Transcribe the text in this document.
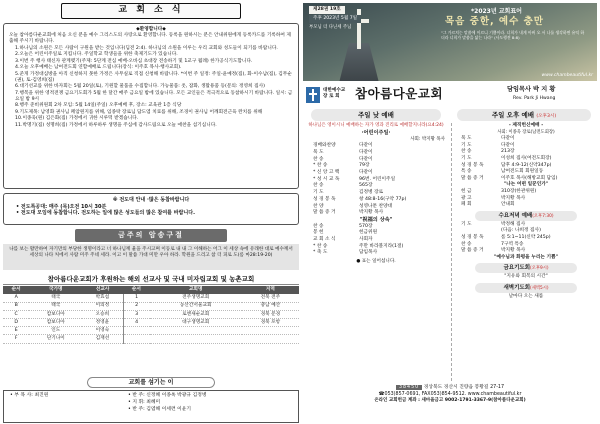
교 회 소 식
◆환영합니다◆
오늘 참아름다운교회에 처음 오신 분을 예수 그리스도의 사랑으로 환영합니다. 등록을 원하시는 분은 안내위원에게 등록카드를 기록하여 제출해 주시기 바랍니다.
1.하나님의 소원은 모든 사람이 구원을 받는 것입니다(딤전 2:4). 하나님의 소원을 이루는 우리 교회와 성도들이 되기를 바랍니다.
2.오늘은 어린이주일로 지킵니다. 주일학교 학생들을 위한 축제기도가 있습니다.
3.이번 주 행사 태신자 관계맺기(주제: 5단계 전심 예배-오바심 초대장 전송하기 및 1교구 월례) 한가공식기도합니다.
4.오늘 오후예배는 남여전도회 연합예배로 드립니다(장식: 이주호 목사·행사교회).
5.준게 가정대심방을 아직 신청하지 못한 가정은 사무실로 직접 신청해 바랍니다. *이번 주 일정: 주일-윤예정(집), 화-이수남(집), 김무순(권), 토-김영희(집)
6.대기선교를 위한 바자회는 5월 20일(토), 기원할 물품을 수집합니다. 가능물품: 옷, 잡화, 생활용품 등(문의: 정영희 집사)
7.행복을 위한 영적전쟁 금요기도회가 5월 한 달간 매주 금요일 밤에 있습니다. 모든 교인들은 적극적으로 동참하시기 바랍니다. 일시: 금요일 밤 9시
8.행주 준비위원회 2차 모임: 5월 14일(주일) 오후예배 후, 장소: 교육관 1층 식당
9.기도제목: 남영화 권사님 페암원지를 위해, 임종락 장로님 담도염 치료를 위해, 조경이 권사님 어깨회전근육 완치를 위해
10.이종욱(원) 김은화(집) 가정에서 귀한 시루떡 받겠습니다.
11.박명기(집) 성명희(집) 가정에서 하루하루 생명을 주심에 감사드림으로 오늘 애찬을 섬기십니다.
※ 전도대 안내 ·많은 동참바랍니다
• 전도특공대: 매주 (목)오전 10시 30분
• 전도대 모임에 동참합니다. 전도하는 일에 많은 성도들의 많은 참여를 바랍니다.
금주의 암송구절
나를 보는 활만하여 자기만의 부당한 생명이라고 너 하나님께 율을 주시고며 이등로 내 내 그 이해하는 어그 이 세상 속에 유래한 대로 예수께서 세상의 나타 처에서 사람 미주 주네 세라. 이고 이 말씀 가대 미만 우아 하라. 학원을 드리고 참 더 피로 도(롬 마28:19-20)
참아름다운교회가 후원하는 해외 선교사 및 국내 미자립교회 및 농촌교회
순서	국가명	선교사	순서	교회명	지역
A	태국	박효섭	1	전주생명교회	전북 전주
B	태국	이의정	2	농산간서울교회	충남 예산
C	캄보디아	오승희	3	로엔새순교회	경북 문경
D	캄보디아	정영윤	4	대구생명교회	경북 포항
E	인도	이영숙			
F	단기나이	김재선			
교회를 섬기는 이
• 부 목 사: 최진원	• 반 주: 신정혜 이종옥 박광규 김정병
• 지 휘: 최혜미
• 반 주: 김엽해 이세련 이윤기
제28권 19호
주후 2023년 5월 7일
부모님 더 다닌세 주님
*2023년 교회표어
목음 중한, 예수 충만
"그 가르치는 말씀에 이르니 기쁨이라. 너희가 내게 아버 오 서 나를 생각하면 유익 하더라 너희가 말씀을 닮는 나라" (사도행전 8:8)
www.chambeautiful.kr
대한예수교
장 로 회	참아름다운교회	담임목사 박 지 황
Rev. Park Ji Hwang
주일 낮 예배	주일 오후 예배 (오후3시)
하나님은 영이시니 예배하는 자가 영과 진리로 예배할지니라(요4:24)
·어린이주일·
사회: 박지황 목사
경배와찬양	다같이
묵 도	다같이
찬 송	다같이
* 찬 송	79장
* 신 앙 고 백	다같이
* 성 시 교 독	96번. 어린이주일
찬 송	565장
기 도	김정병 장로
성 경 봉 독	창 48:8-16(구약 77p)
찬 양	성영나툰 찬양대
말 씀 증 거	박지황 목사
"祝福의 상속"
찬 송	570장
봉 헌	헌금위원
교 회 소 식	사회자
* 찬 송	주만 바라볼지라(1절)
* 축 도	담임목사
● 표는 일어섭니다.
- 제직헌신예배 -
사회: 이종욱 장로(남전도회장)
묵 도	다같이
기 도	다같이
찬 송	213장
기 도	이성희 집사(여전도회장)
성 경 봉 독	담후 4:9-12(신약347p)
특 송	남여전도회 회원일동
말 씀 증 거	이주호 목사(해방교회 담임)
"나는 어떤 일꾼인가"
헌 금	310장(한관위원)
광 고	박지황 목사
폐 회	안내회
수요저녁 예배(오후7:30)
기 도	박정해 집사
(다음: 나희정 집사)
성 경 봉 독	롬 5:1~11(신약 245p)
찬 송	7구역 특송
말 씀 증 거	박지황 목사
"예수님과 화평을 누리는 기쁨"
금요기도회(오후9시)
"지유와 회복의 시간"
새벽기도회(새벽5시)
날마다 오는 새롭
38450 경상북도 경산시 진량읍 봉황길 27-17
☎053)857-0691, FAX053)854-9512. www.chambeautiful.kr
온라인 교회헌금 계좌 : 새마을금고 9002-1791-3367-9(참아름다운교회)
